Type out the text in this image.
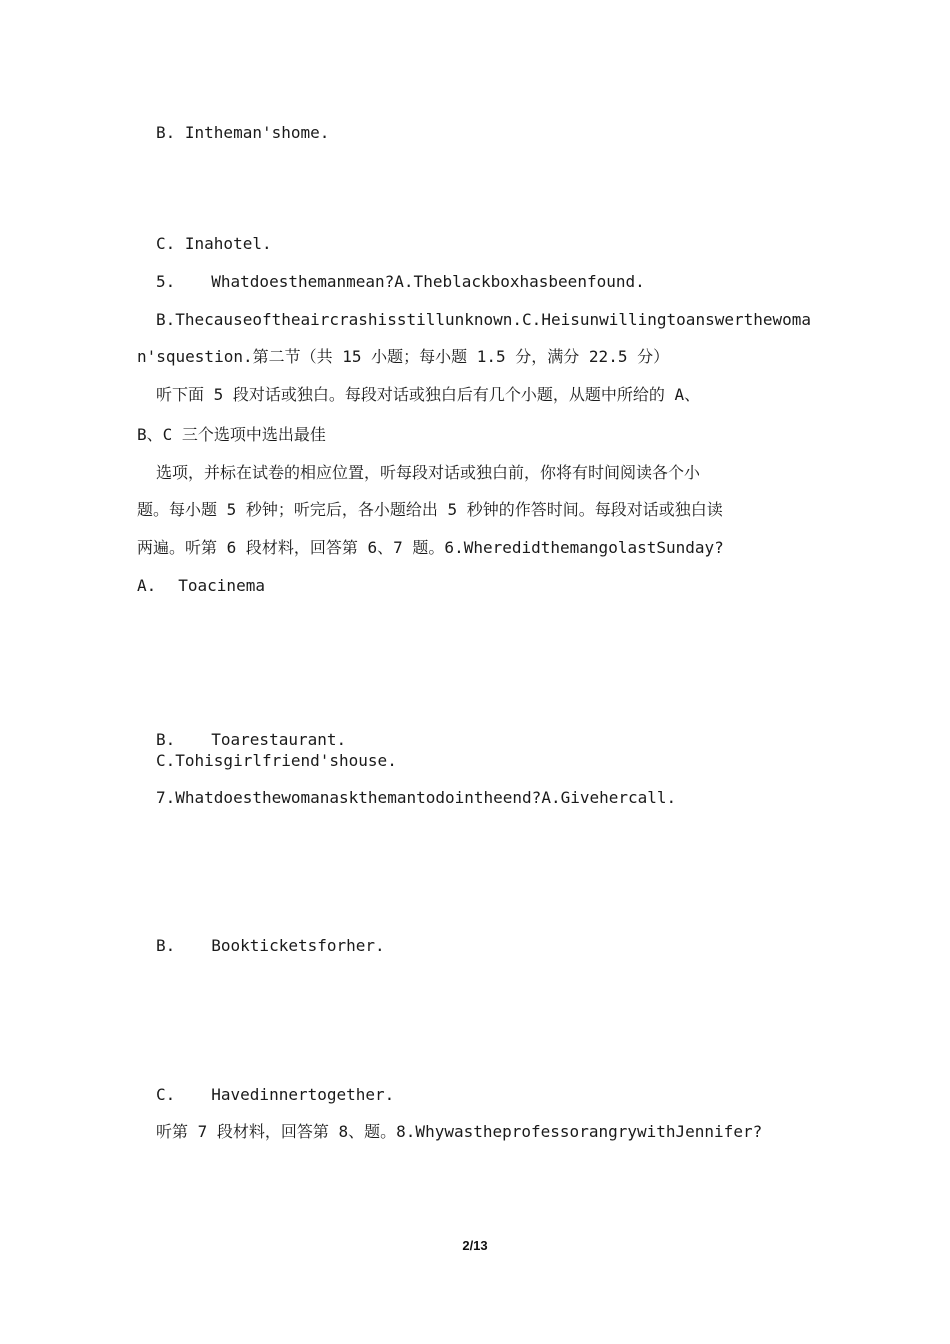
B. Intheman'shome.
C. Inahotel.
5. Whatdoesthemanmean?A.Theblackboxhasbeenfound.
B.Thecauseoftheaircrashisstillunknown.C.Heisunwillingtoanswerthewoma
n'squestion.第二节（共 15 小题；每小题 1.5 分，满分 22.5 分）
听下面 5 段对话或独白。每段对话或独白后有几个小题，从题中所给的 A、
B、C 三个选项中选出最佳
选项，并标在试卷的相应位置，听每段对话或独白前，你将有时间阅读各个小
题。每小题 5 秒钟；听完后，各小题给出 5 秒钟的作答时间。每段对话或独白读
两遍。听第 6 段材料，回答第 6、7 题。6.WheredidthemangolastSunday?
A. Toacinema
B. Toarestaurant.
C.Tohisgirlfriend'shouse.
7.Whatdoesthewomanaskthemantodointheend?A.Givehercall.
B. Bookticketsforher.
C. Havedinnertogether.
听第 7 段材料，回答第 8、题。8.WhywastheprofessorangrywithJennifer?
2/13
